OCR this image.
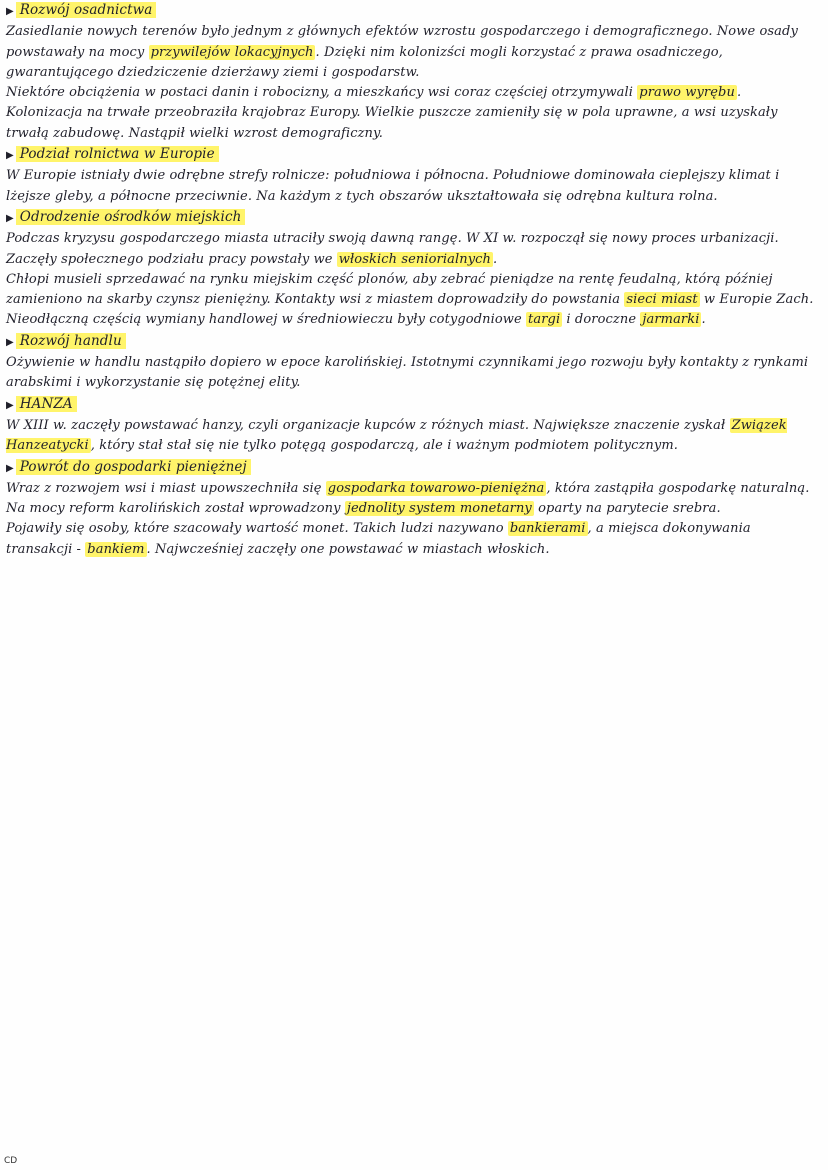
▶ Rozwój osadnictwa

Zasiedlanie nowych terenów było jednym z głównych efektów wzrostu gospodarczego i demograficznego. Nowe osady powstawały na mocy przywilejów lokacyjnych . Dzięki nim kolonizści mogli korzystać z prawa osadniczego, gwarantującego dziedziczenie dzierżawy ziemi i gospodarstw.

Niektóre obciążenia w postaci danin i robocizny, a mieszkańcy wsi coraz częściej otrzymywali prawo wyrębu . Kolonizacja na trwałe przeobraziła krajobraz Europy. Wielkie puszcze zamieniły się w pola uprawne, a wsi uzyskały trwałą zabudowę. Nastąpił wielki wzrost demograficzny.

▶ Podział rolnictwa w Europie

W Europie istniały dwie odrębne strefy rolnicze: południowa i północna. Południowe dominowała cieplejszy klimat i lżejsze gleby, a północne przeciwnie. Na każdym z tych obszarów ukształtowała się odrębna kultura rolna.

▶ Odrodzenie ośrodków miejskich

Podczas kryzysu gospodarczego miasta utraciły swoją dawną rangę. W XI w. rozpoczął się nowy proces urbanizacji. Zaczęły społecznego podziału pracy powstały we włoskich seniorialnych .

Chłopi musieli sprzedawać na rynku miejskim część plonów, aby zebrać pieniądze na rentę feudalną, którą później zamieniono na skarby czynsz pieniężny. Kontakty wsi z miastem doprowadziły do powstania sieci miast w Europie Zach.

Nieodłączną częścią wymiany handlowej w średniowieczu były cotygodniowe targi i doroczne jarmarki .

▶ Rozwój handlu

Ożywienie w handlu nastąpiło dopiero w epoce karolińskiej. Istotnymi czynnikami jego rozwoju były kontakty z rynkami arabskimi i wykorzystanie się potężnej elity.

▶ HANZA

W XIII w. zaczęły powstawać hanzy, czyli organizacje kupców z różnych miast. Największe znaczenie zyskał Związek Hanzeatycki , który stał stał się nie tylko potęgą gospodarczą, ale i ważnym podmiotem politycznym.

▶ Powrót do gospodarki pieniężnej

Wraz z rozwojem wsi i miast upowszechniła się gospodarka towarowo-pieniężna , która zastąpiła gospodarkę naturalną.

Na mocy reform karolińskich został wprowadzony jednolity system monetarny oparty na parytecie srebra.

Pojawiły się osoby, które szacowały wartość monet. Takich ludzi nazywano bankierami , a miejsca dokonywania transakcji - bankiem . Najwcześniej zaczęły one powstawać w miastach włoskich.

CD
